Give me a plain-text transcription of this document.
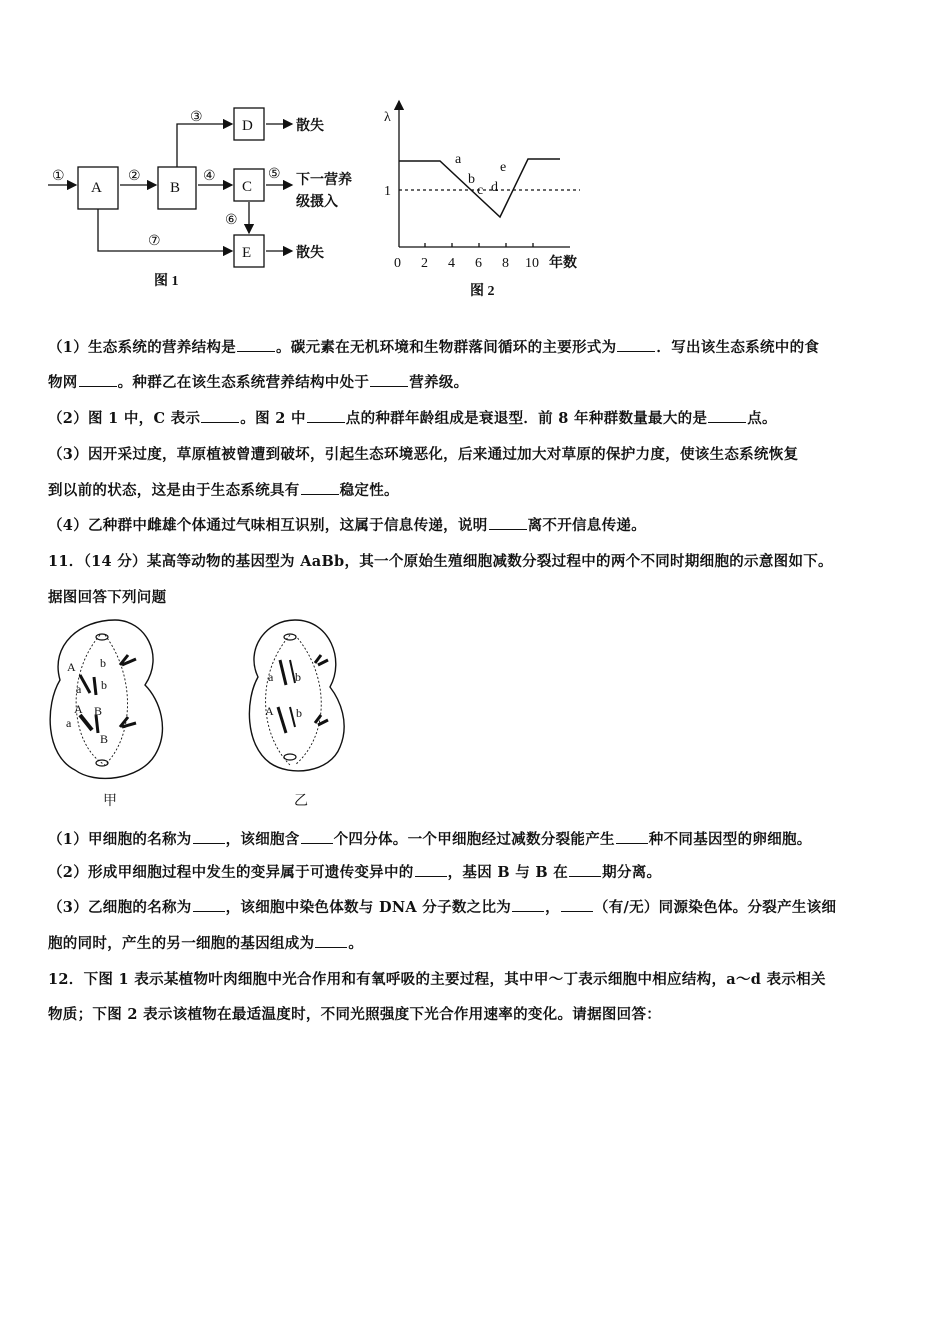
A	B
D
C
E
①	②
③
④	⑤
⑥
⑦
散失
下一营养
级摄入
散失
图 1
λ
1
0 2 4 6 8 10 年数
a
b
c d
e
图 2
（1）生态系统的营养结构是	。碳元素在无机环境和生物群落间循环的主要形式为	．写出该生态系统中的食
物网	。种群乙在该生态系统营养结构中处于	营养级。
（2）图 1 中，C 表示	。图 2 中	点的种群年龄组成是衰退型．前 8 年种群数量最大的是	点。
（3）因开采过度，草原植被曾遭到破坏，引起生态环境恶化，后来通过加大对草原的保护力度，使该生态系统恢复
到以前的状态，这是由于生态系统具有	稳定性。
（4）乙种群中雌雄个体通过气味相互识别，这属于信息传递，说明	离不开信息传递。
11．（14 分）某高等动物的基因型为 AaBb，其一个原始生殖细胞减数分裂过程中的两个不同时期细胞的示意图如下。
据图回答下列问题
A
a
b
b
A
a
B
B
a b
A b
甲	乙
（1）甲细胞的名称为 ，该细胞含 个四分体。一个甲细胞经过减数分裂能产生 种不同基因型的卵细胞。
（2）形成甲细胞过程中发生的变异属于可遗传变异中的 ，基因 B 与 B 在 期分离。
（3）乙细胞的名称为 ，该细胞中染色体数与 DNA 分子数之比为 ， （有/无）同源染色体。分裂产生该细
胞的同时，产生的另一细胞的基因组成为 。
12．下图 1 表示某植物叶肉细胞中光合作用和有氧呼吸的主要过程，其中甲～丁表示细胞中相应结构，a～d 表示相关
物质；下图 2 表示该植物在最适温度时，不同光照强度下光合作用速率的变化。请据图回答：
